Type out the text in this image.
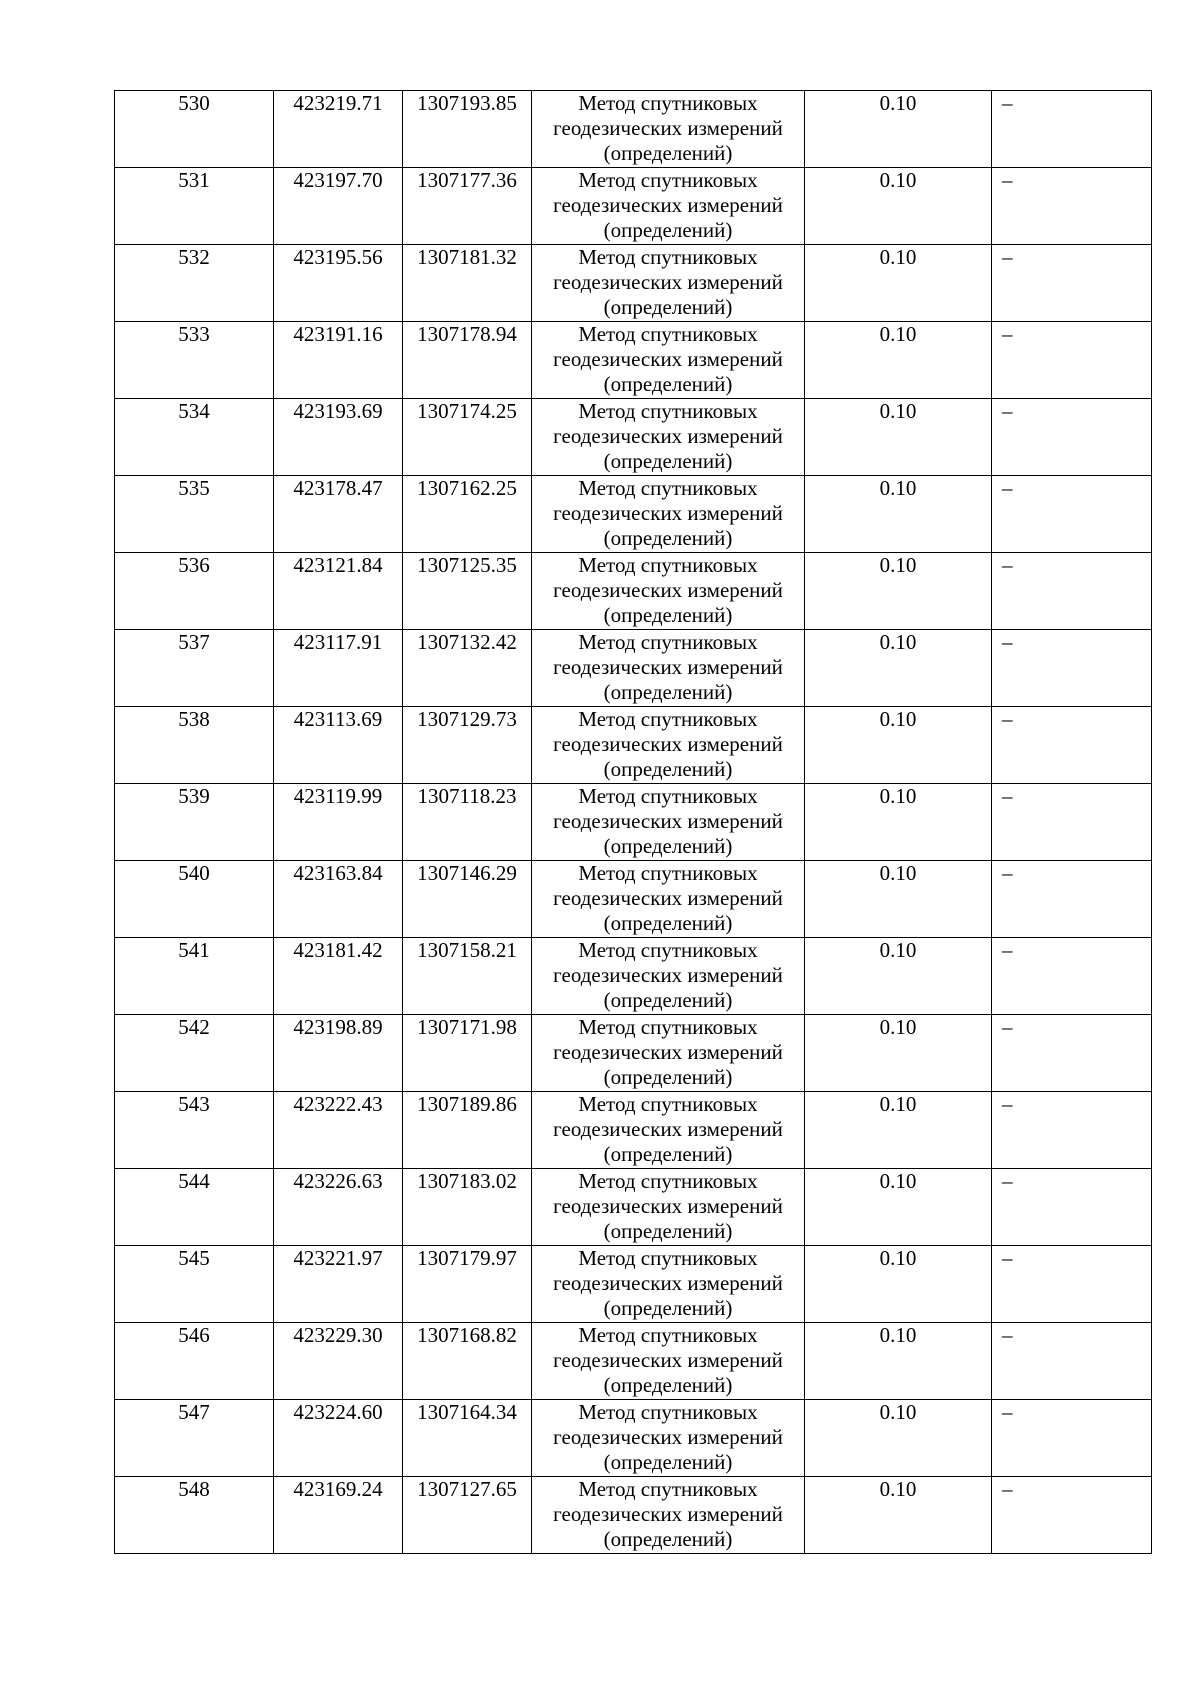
530	423219.71	1307193.85	Метод спутниковых геодезических измерений (определений)	0.10	–
531	423197.70	1307177.36	Метод спутниковых геодезических измерений (определений)	0.10	–
532	423195.56	1307181.32	Метод спутниковых геодезических измерений (определений)	0.10	–
533	423191.16	1307178.94	Метод спутниковых геодезических измерений (определений)	0.10	–
534	423193.69	1307174.25	Метод спутниковых геодезических измерений (определений)	0.10	–
535	423178.47	1307162.25	Метод спутниковых геодезических измерений (определений)	0.10	–
536	423121.84	1307125.35	Метод спутниковых геодезических измерений (определений)	0.10	–
537	423117.91	1307132.42	Метод спутниковых геодезических измерений (определений)	0.10	–
538	423113.69	1307129.73	Метод спутниковых геодезических измерений (определений)	0.10	–
539	423119.99	1307118.23	Метод спутниковых геодезических измерений (определений)	0.10	–
540	423163.84	1307146.29	Метод спутниковых геодезических измерений (определений)	0.10	–
541	423181.42	1307158.21	Метод спутниковых геодезических измерений (определений)	0.10	–
542	423198.89	1307171.98	Метод спутниковых геодезических измерений (определений)	0.10	–
543	423222.43	1307189.86	Метод спутниковых геодезических измерений (определений)	0.10	–
544	423226.63	1307183.02	Метод спутниковых геодезических измерений (определений)	0.10	–
545	423221.97	1307179.97	Метод спутниковых геодезических измерений (определений)	0.10	–
546	423229.30	1307168.82	Метод спутниковых геодезических измерений (определений)	0.10	–
547	423224.60	1307164.34	Метод спутниковых геодезических измерений (определений)	0.10	–
548	423169.24	1307127.65	Метод спутниковых геодезических измерений (определений)	0.10	–
